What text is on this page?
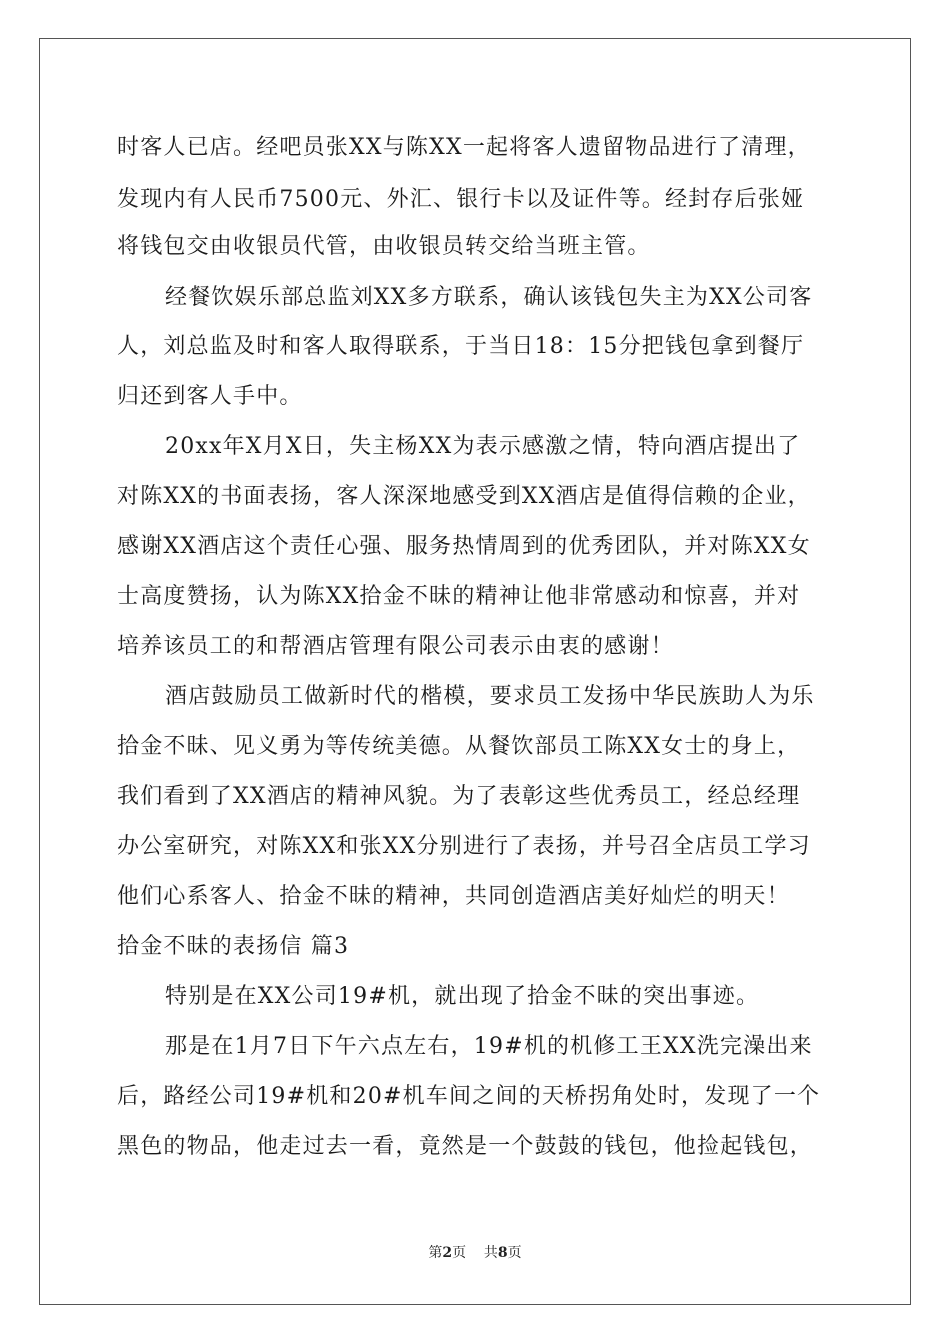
时客人已店。经吧员张XX与陈XX一起将客人遗留物品进行了清理，
发现内有人民币7500元、外汇、银行卡以及证件等。经封存后张娅
将钱包交由收银员代管，由收银员转交给当班主管。
经餐饮娱乐部总监刘XX多方联系，确认该钱包失主为XX公司客
人，刘总监及时和客人取得联系，于当日18：15分把钱包拿到餐厅
归还到客人手中。
20xx年X月X日，失主杨XX为表示感激之情，特向酒店提出了
对陈XX的书面表扬，客人深深地感受到XX酒店是值得信赖的企业，
感谢XX酒店这个责任心强、服务热情周到的优秀团队，并对陈XX女
士高度赞扬，认为陈XX拾金不昧的精神让他非常感动和惊喜，并对
培养该员工的和帮酒店管理有限公司表示由衷的感谢！
酒店鼓励员工做新时代的楷模，要求员工发扬中华民族助人为乐
拾金不昧、见义勇为等传统美德。从餐饮部员工陈XX女士的身上，
我们看到了XX酒店的精神风貌。为了表彰这些优秀员工，经总经理
办公室研究，对陈XX和张XX分别进行了表扬，并号召全店员工学习
他们心系客人、拾金不昧的精神，共同创造酒店美好灿烂的明天！
拾金不昧的表扬信 篇3
特别是在XX公司19#机，就出现了拾金不昧的突出事迹。
那是在1月7日下午六点左右，19#机的机修工王XX洗完澡出来
后，路经公司19#机和20#机车间之间的天桥拐角处时，发现了一个
黑色的物品，他走过去一看，竟然是一个鼓鼓的钱包，他捡起钱包，
第2页 共8页
